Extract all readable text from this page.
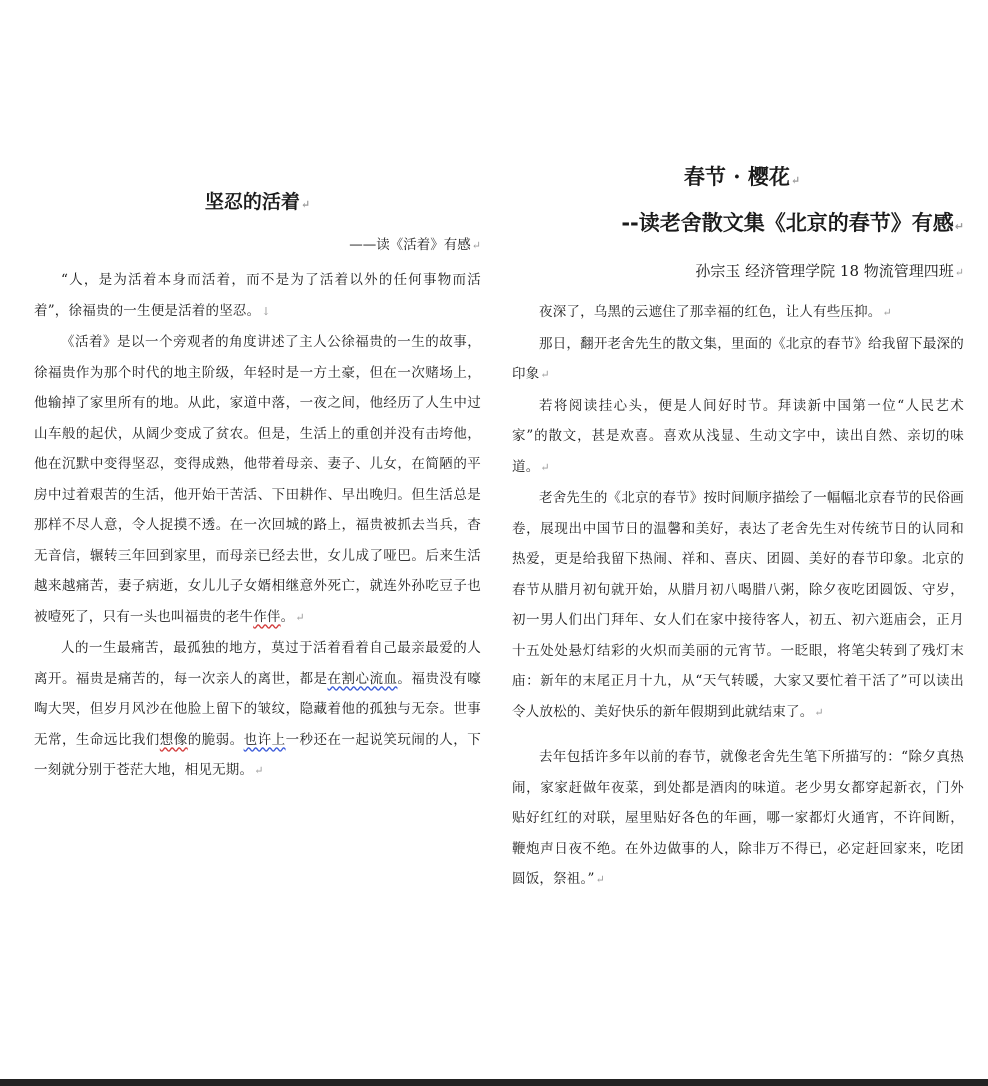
坚忍的活着↵

——读《活着》有感↵

“人，是为活着本身而活着，而不是为了活着以外的任何事物而活着”，徐福贵的一生便是活着的坚忍。↓

《活着》是以一个旁观者的角度讲述了主人公徐福贵的一生的故事，徐福贵作为那个时代的地主阶级，年轻时是一方土豪，但在一次赌场上，他输掉了家里所有的地。从此，家道中落，一夜之间，他经历了人生中过山车般的起伏，从阔少变成了贫农。但是，生活上的重创并没有击垮他，他在沉默中变得坚忍，变得成熟，他带着母亲、妻子、儿女，在简陋的平房中过着艰苦的生活，他开始干苦活、下田耕作、早出晚归。但生活总是那样不尽人意，令人捉摸不透。在一次回城的路上，福贵被抓去当兵，杳无音信，辗转三年回到家里，而母亲已经去世，女儿成了哑巴。后来生活越来越痛苦，妻子病逝，女儿儿子女婿相继意外死亡，就连外孙吃豆子也被噎死了，只有一头也叫福贵的老牛作伴。↵

人的一生最痛苦，最孤独的地方，莫过于活着看着自己最亲最爱的人离开。福贵是痛苦的，每一次亲人的离世，都是在割心流血。福贵没有嚎啕大哭，但岁月风沙在他脸上留下的皱纹，隐藏着他的孤独与无奈。世事无常，生命远比我们想像的脆弱。也许上一秒还在一起说笑玩闹的人，下一刻就分别于苍茫大地，相见无期。↵

春节 · 樱花↵

--读老舍散文集《北京的春节》有感↵

孙宗玉 经济管理学院 18 物流管理四班↵

夜深了，乌黑的云遮住了那幸福的红色，让人有些压抑。↵

那日，翻开老舍先生的散文集，里面的《北京的春节》给我留下最深的印象↵

若将阅读挂心头，便是人间好时节。拜读新中国第一位“人民艺术家”的散文，甚是欢喜。喜欢从浅显、生动文字中，读出自然、亲切的味道。↵

老舍先生的《北京的春节》按时间顺序描绘了一幅幅北京春节的民俗画卷，展现出中国节日的温馨和美好，表达了老舍先生对传统节日的认同和热爱，更是给我留下热闹、祥和、喜庆、团圆、美好的春节印象。北京的春节从腊月初旬就开始，从腊月初八喝腊八粥，除夕夜吃团圆饭、守岁，初一男人们出门拜年、女人们在家中接待客人，初五、初六逛庙会，正月十五处处悬灯结彩的火炽而美丽的元宵节。一眨眼，将笔尖转到了残灯末庙：新年的末尾正月十九，从“天气转暖，大家又要忙着干活了”可以读出令人放松的、美好快乐的新年假期到此就结束了。↵

去年包括许多年以前的春节，就像老舍先生笔下所描写的：“除夕真热闹，家家赶做年夜菜，到处都是酒肉的味道。老少男女都穿起新衣，门外贴好红红的对联，屋里贴好各色的年画，哪一家都灯火通宵，不许间断，鞭炮声日夜不绝。在外边做事的人，除非万不得已，必定赶回家来，吃团圆饭，祭祖。”↵
